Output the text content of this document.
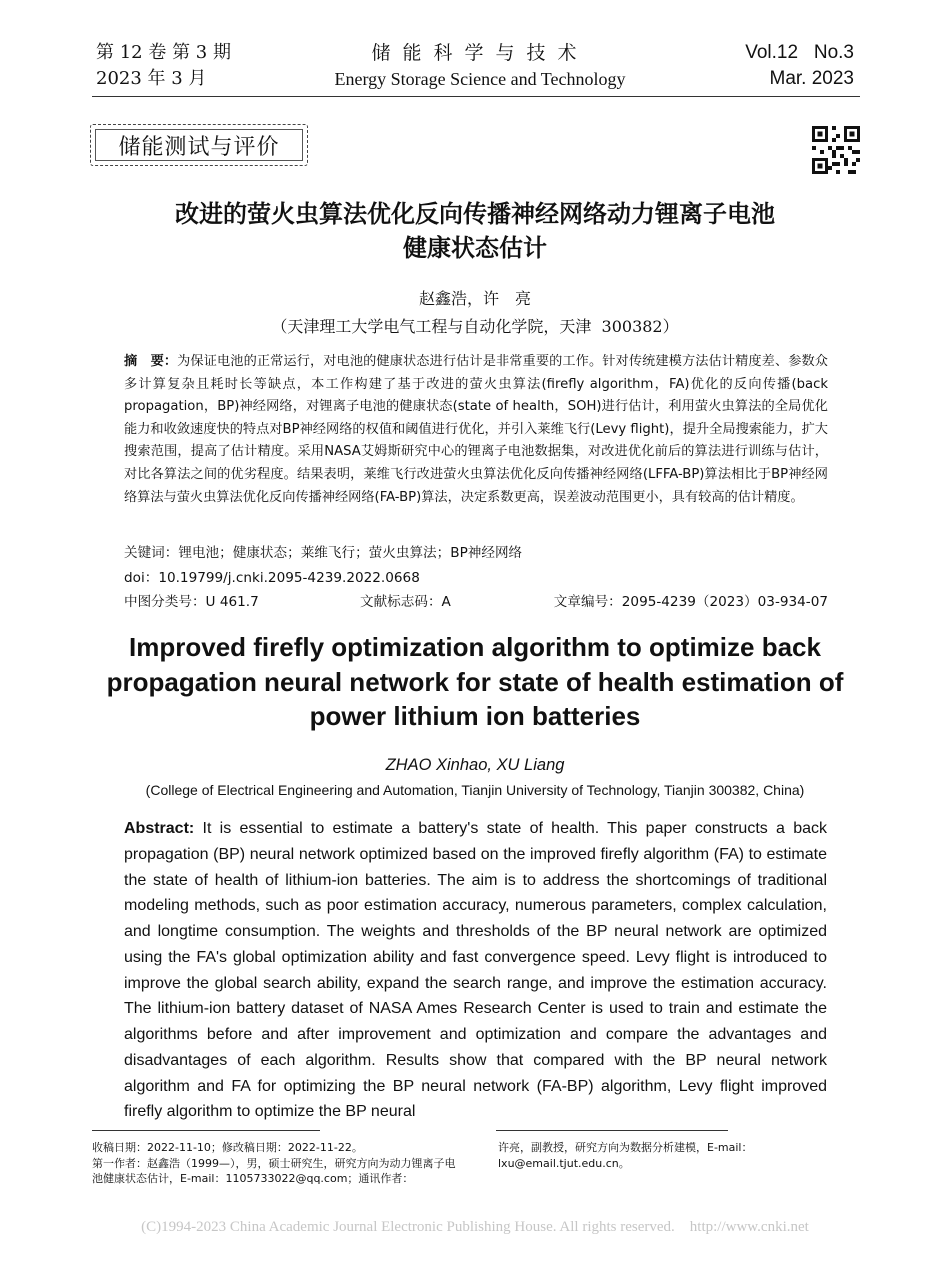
第 12 卷 第 3 期
2023 年 3 月
储能科学与技术
Energy Storage Science and Technology
Vol.12   No.3
Mar. 2023
储能测试与评价
改进的萤火虫算法优化反向传播神经网络动力锂离子电池
健康状态估计
赵鑫浩，许　亮
（天津理工大学电气工程与自动化学院，天津  300382）
摘　要：为保证电池的正常运行，对电池的健康状态进行估计是非常重要的工作。针对传统建模方法估计精度差、参数众多计算复杂且耗时长等缺点，本工作构建了基于改进的萤火虫算法(firefly algorithm，FA)优化的反向传播(back propagation，BP)神经网络，对锂离子电池的健康状态(state of health，SOH)进行估计，利用萤火虫算法的全局优化能力和收敛速度快的特点对BP神经网络的权值和阈值进行优化，并引入莱维飞行(Levy flight)，提升全局搜索能力，扩大搜索范围，提高了估计精度。采用NASA艾姆斯研究中心的锂离子电池数据集，对改进优化前后的算法进行训练与估计，对比各算法之间的优劣程度。结果表明，莱维飞行改进萤火虫算法优化反向传播神经网络(LFFA-BP)算法相比于BP神经网络算法与萤火虫算法优化反向传播神经网络(FA-BP)算法，决定系数更高，误差波动范围更小，具有较高的估计精度。
关键词：锂电池；健康状态；莱维飞行；萤火虫算法；BP神经网络
doi：10.19799/j.cnki.2095-4239.2022.0668
中图分类号：U 461.7	文献标志码：A	文章编号：2095-4239（2023）03-934-07
Improved firefly optimization algorithm to optimize back
propagation neural network for state of health estimation of
power lithium ion batteries
ZHAO Xinhao, XU Liang
(College of Electrical Engineering and Automation, Tianjin University of Technology, Tianjin 300382, China)
Abstract: It is essential to estimate a battery's state of health. This paper constructs a back propagation (BP) neural network optimized based on the improved firefly algorithm (FA) to estimate the state of health of lithium-ion batteries. The aim is to address the shortcomings of traditional modeling methods, such as poor estimation accuracy, numerous parameters, complex calculation, and longtime consumption. The weights and thresholds of the BP neural network are optimized using the FA's global optimization ability and fast convergence speed. Levy flight is introduced to improve the global search ability, expand the search range, and improve the estimation accuracy. The lithium-ion battery dataset of NASA Ames Research Center is used to train and estimate the algorithms before and after improvement and optimization and compare the advantages and disadvantages of each algorithm. Results show that compared with the BP neural network algorithm and FA for optimizing the BP neural network (FA-BP) algorithm, Levy flight improved firefly algorithm to optimize the BP neural
收稿日期：2022-11-10；修改稿日期：2022-11-22。
第一作者：赵鑫浩（1999—），男，硕士研究生，研究方向为动力锂离子电池健康状态估计，E-mail：1105733022@qq.com；通讯作者：
许亮，副教授，研究方向为数据分析建模，E-mail：lxu@email.tjut.edu.cn。
(C)1994-2023 China Academic Journal Electronic Publishing House. All rights reserved.    http://www.cnki.net
